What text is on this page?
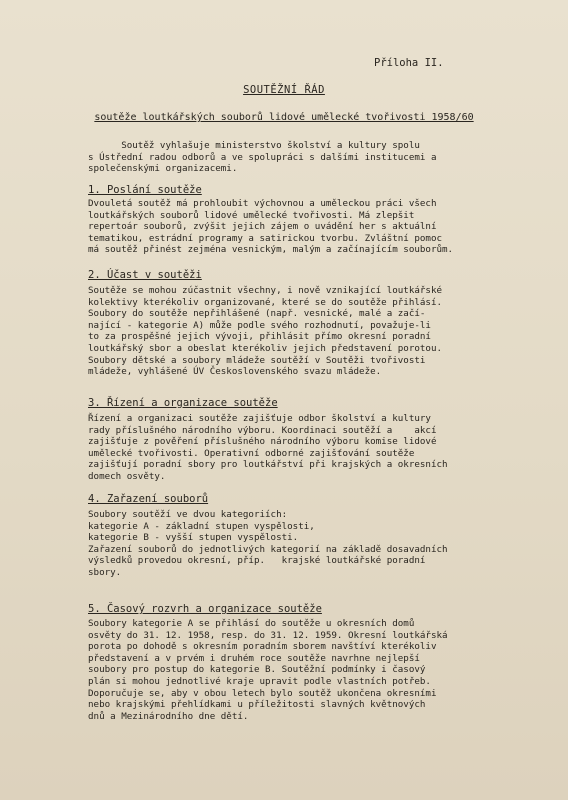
Příloha II.
SOUTĚŽNÍ ŘÁD
soutěže loutkářských souborů lidové umělecké tvořivosti 1958/60

Soutěž vyhlašuje ministerstvo školství a kultury spolu

s Ústřední radou odborů a ve spolupráci s dalšími institucemi a

společenskými organizacemi.

1. Poslání soutěže

Dvouletá soutěž má prohloubit výchovnou a uměleckou práci všech

loutkářských souborů lidové umělecké tvořivosti. Má zlepšit

repertoár souborů, zvýšit jejich zájem o uvádění her s aktuální

tematikou, estrádní programy a satirickou tvorbu. Zvláštní pomoc

má soutěž přinést zejména vesnickým, malým a začínajícím souborům.

2. Účast v soutěži

Soutěže se mohou zúčastnit všechny, i nově vznikající loutkářské

kolektivy kterékoliv organizované, které se do soutěže přihlásí.

Soubory do soutěže nepřihlášené (např. vesnické, malé a začí-

nající - kategorie A) může podle svého rozhodnutí, považuje-li

to za prospěšné jejich vývoji, přihlásit přímo okresní poradní

loutkářský sbor a obeslat kterékoliv jejich představení porotou.

Soubory dětské a soubory mládeže soutěží v Soutěži tvořivosti

mládeže, vyhlášené ÚV Československého svazu mládeže.

3. Řízení a organizace soutěže

Řízení a organizaci soutěže zajišťuje odbor školství a kultury

rady příslušného národního výboru. Koordinaci soutěží a    akcí

zajišťuje z pověření příslušného národního výboru komise lidové

umělecké tvořivosti. Operativní odborné zajišťování soutěže

zajišťují poradní sbory pro loutkářství při krajských a okresních

domech osvěty.

4. Zařazení souborů

Soubory soutěží ve dvou kategoriích:

kategorie A - základní stupen vyspělosti,

kategorie B - vyšší stupen vyspělosti.

Zařazení souborů do jednotlivých kategorií na základě dosavadních

výsledků provedou okresní, příp.   krajské loutkářské poradní

sbory.

5. Časový rozvrh a organizace soutěže

Soubory kategorie A se přihlásí do soutěže u okresních domů

osvěty do 31. 12. 1958, resp. do 31. 12. 1959. Okresní loutkářská

porota po dohodě s okresním poradním sborem navštíví kterékoliv

představení a v prvém i druhém roce soutěže navrhne nejlepší

soubory pro postup do kategorie B. Soutěžní podmínky i časový

plán si mohou jednotlivé kraje upravit podle vlastních potřeb.

Doporučuje se, aby v obou letech bylo soutěž ukončena okresními

nebo krajskými přehlídkami u příležitosti slavných květnových

dnů a Mezinárodního dne dětí.
